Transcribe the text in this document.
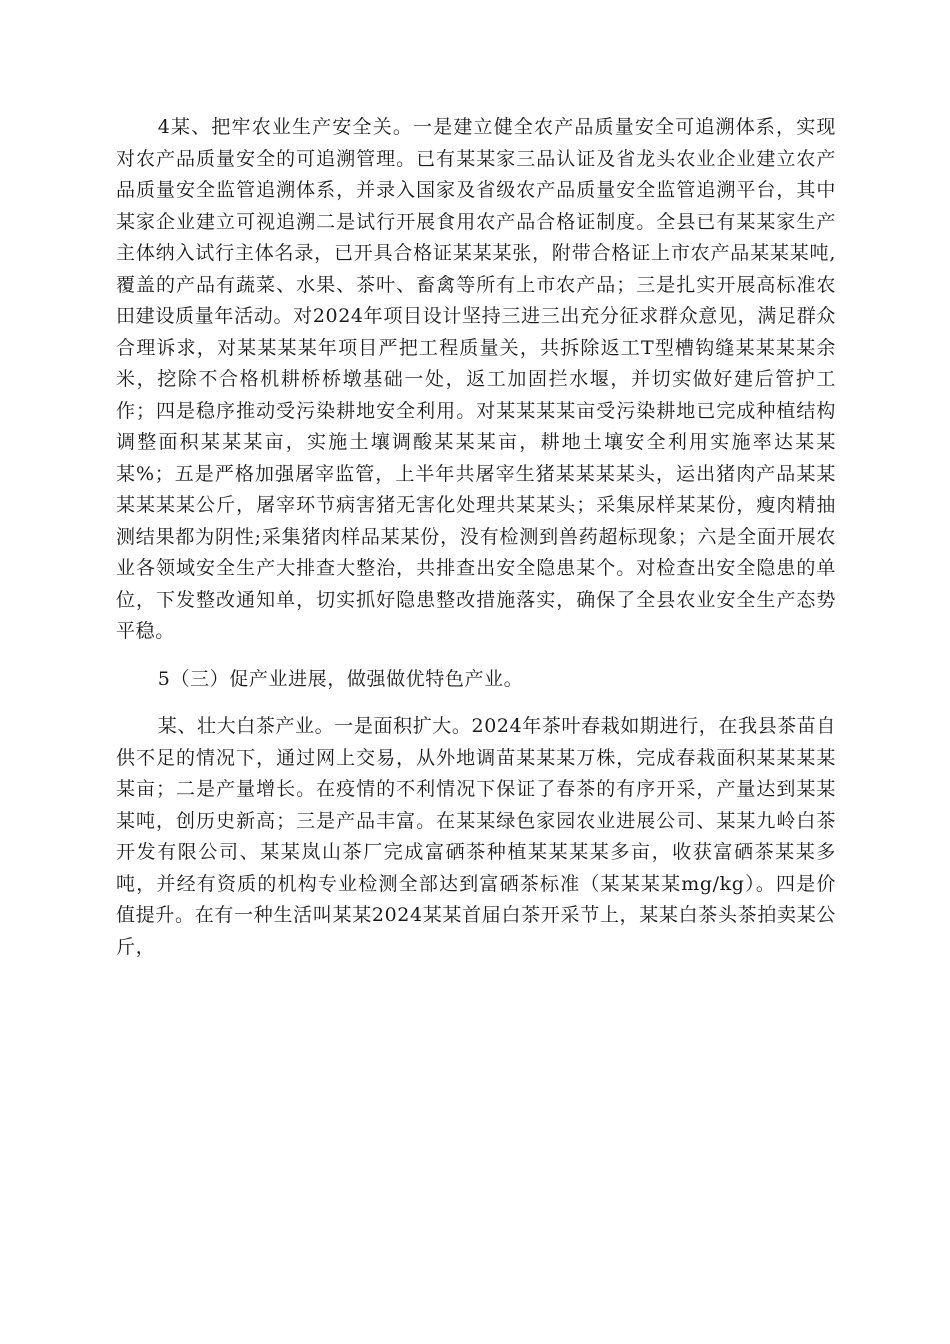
4某、把牢农业生产安全关。一是建立健全农产品质量安全可追溯体系，实现对农产品质量安全的可追溯管理。已有某某家三品认证及省龙头农业企业建立农产品质量安全监管追溯体系，并录入国家及省级农产品质量安全监管追溯平台，其中某家企业建立可视追溯二是试行开展食用农产品合格证制度。全县已有某某家生产主体纳入试行主体名录，已开具合格证某某某张，附带合格证上市农产品某某某吨,覆盖的产品有蔬菜、水果、茶叶、畜禽等所有上市农产品；三是扎实开展高标准农田建设质量年活动。对2024年项目设计坚持三进三出充分征求群众意见，满足群众合理诉求，对某某某某年项目严把工程质量关，共拆除返工T型槽钩缝某某某某余米，挖除不合格机耕桥桥墩基础一处，返工加固拦水堰，并切实做好建后管护工作；四是稳序推动受污染耕地安全利用。对某某某某亩受污染耕地已完成种植结构调整面积某某某亩，实施土壤调酸某某某亩，耕地土壤安全利用实施率达某某某%；五是严格加强屠宰监管，上半年共屠宰生猪某某某某头，运出猪肉产品某某某某某某公斤，屠宰环节病害猪无害化处理共某某头；采集尿样某某份，瘦肉精抽测结果都为阴性;采集猪肉样品某某份，没有检测到兽药超标现象；六是全面开展农业各领域安全生产大排查大整治，共排查出安全隐患某个。对检查出安全隐患的单位，下发整改通知单，切实抓好隐患整改措施落实，确保了全县农业安全生产态势平稳。

5（三）促产业进展，做强做优特色产业。

某、壮大白茶产业。一是面积扩大。2024年茶叶春栽如期进行，在我县茶苗自供不足的情况下，通过网上交易，从外地调苗某某某万株，完成春栽面积某某某某某亩；二是产量增长。在疫情的不利情况下保证了春茶的有序开采，产量达到某某某吨，创历史新高；三是产品丰富。在某某绿色家园农业进展公司、某某九岭白茶开发有限公司、某某岚山茶厂完成富硒茶种植某某某某多亩，收获富硒茶某某多吨，并经有资质的机构专业检测全部达到富硒茶标准（某某某某mg/kg）。四是价值提升。在有一种生活叫某某2024某某首届白茶开采节上，某某白茶头茶拍卖某公斤，
